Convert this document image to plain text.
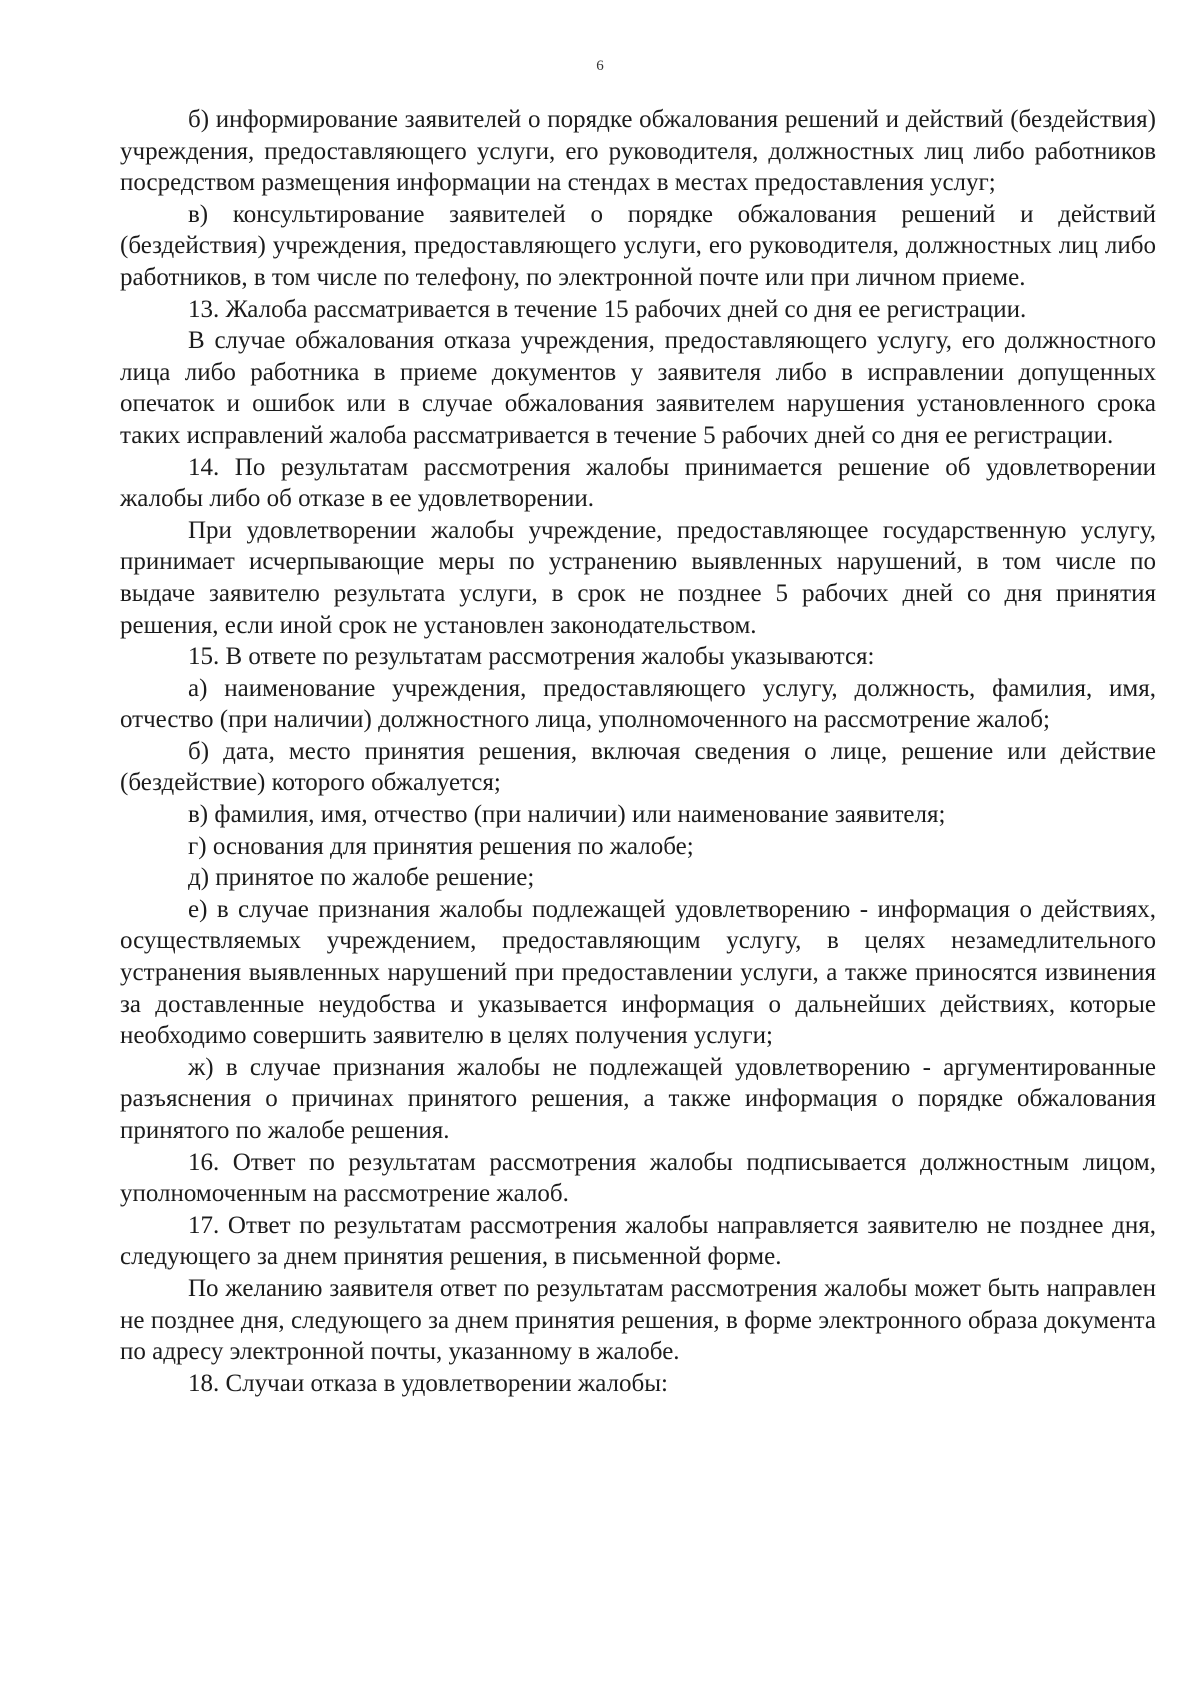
6

б) информирование заявителей о порядке обжалования решений и действий (бездействия) учреждения, предоставляющего услуги, его руководителя, должностных лиц либо работников посредством размещения информации на стендах в местах предоставления услуг;

в) консультирование заявителей о порядке обжалования решений и действий (бездействия) учреждения, предоставляющего услуги, его руководителя, должностных лиц либо работников, в том числе по телефону, по электронной почте или при личном приеме.

13. Жалоба рассматривается в течение 15 рабочих дней со дня ее регистрации.

В случае обжалования отказа учреждения, предоставляющего услугу, его должностного лица либо работника в приеме документов у заявителя либо в исправлении допущенных опечаток и ошибок или в случае обжалования заявителем нарушения установленного срока таких исправлений жалоба рассматривается в течение 5 рабочих дней со дня ее регистрации.

14. По результатам рассмотрения жалобы принимается решение об удовлетворении жалобы либо об отказе в ее удовлетворении.

При удовлетворении жалобы учреждение, предоставляющее государственную услугу, принимает исчерпывающие меры по устранению выявленных нарушений, в том числе по выдаче заявителю результата услуги, в срок не позднее 5 рабочих дней со дня принятия решения, если иной срок не установлен законодательством.

15. В ответе по результатам рассмотрения жалобы указываются:

а) наименование учреждения, предоставляющего услугу, должность, фамилия, имя, отчество (при наличии) должностного лица, уполномоченного на рассмотрение жалоб;

б) дата, место принятия решения, включая сведения о лице, решение или действие (бездействие) которого обжалуется;

в) фамилия, имя, отчество (при наличии) или наименование заявителя;

г) основания для принятия решения по жалобе;

д) принятое по жалобе решение;

е) в случае признания жалобы подлежащей удовлетворению - информация о действиях, осуществляемых учреждением, предоставляющим услугу, в целях незамедлительного устранения выявленных нарушений при предоставлении услуги, а также приносятся извинения за доставленные неудобства и указывается информация о дальнейших действиях, которые необходимо совершить заявителю в целях получения услуги;

ж) в случае признания жалобы не подлежащей удовлетворению - аргументированные разъяснения о причинах принятого решения, а также информация о порядке обжалования принятого по жалобе решения.

16. Ответ по результатам рассмотрения жалобы подписывается должностным лицом, уполномоченным на рассмотрение жалоб.

17. Ответ по результатам рассмотрения жалобы направляется заявителю не позднее дня, следующего за днем принятия решения, в письменной форме.

По желанию заявителя ответ по результатам рассмотрения жалобы может быть направлен не позднее дня, следующего за днем принятия решения, в форме электронного образа документа по адресу электронной почты, указанному в жалобе.

18. Случаи отказа в удовлетворении жалобы:
